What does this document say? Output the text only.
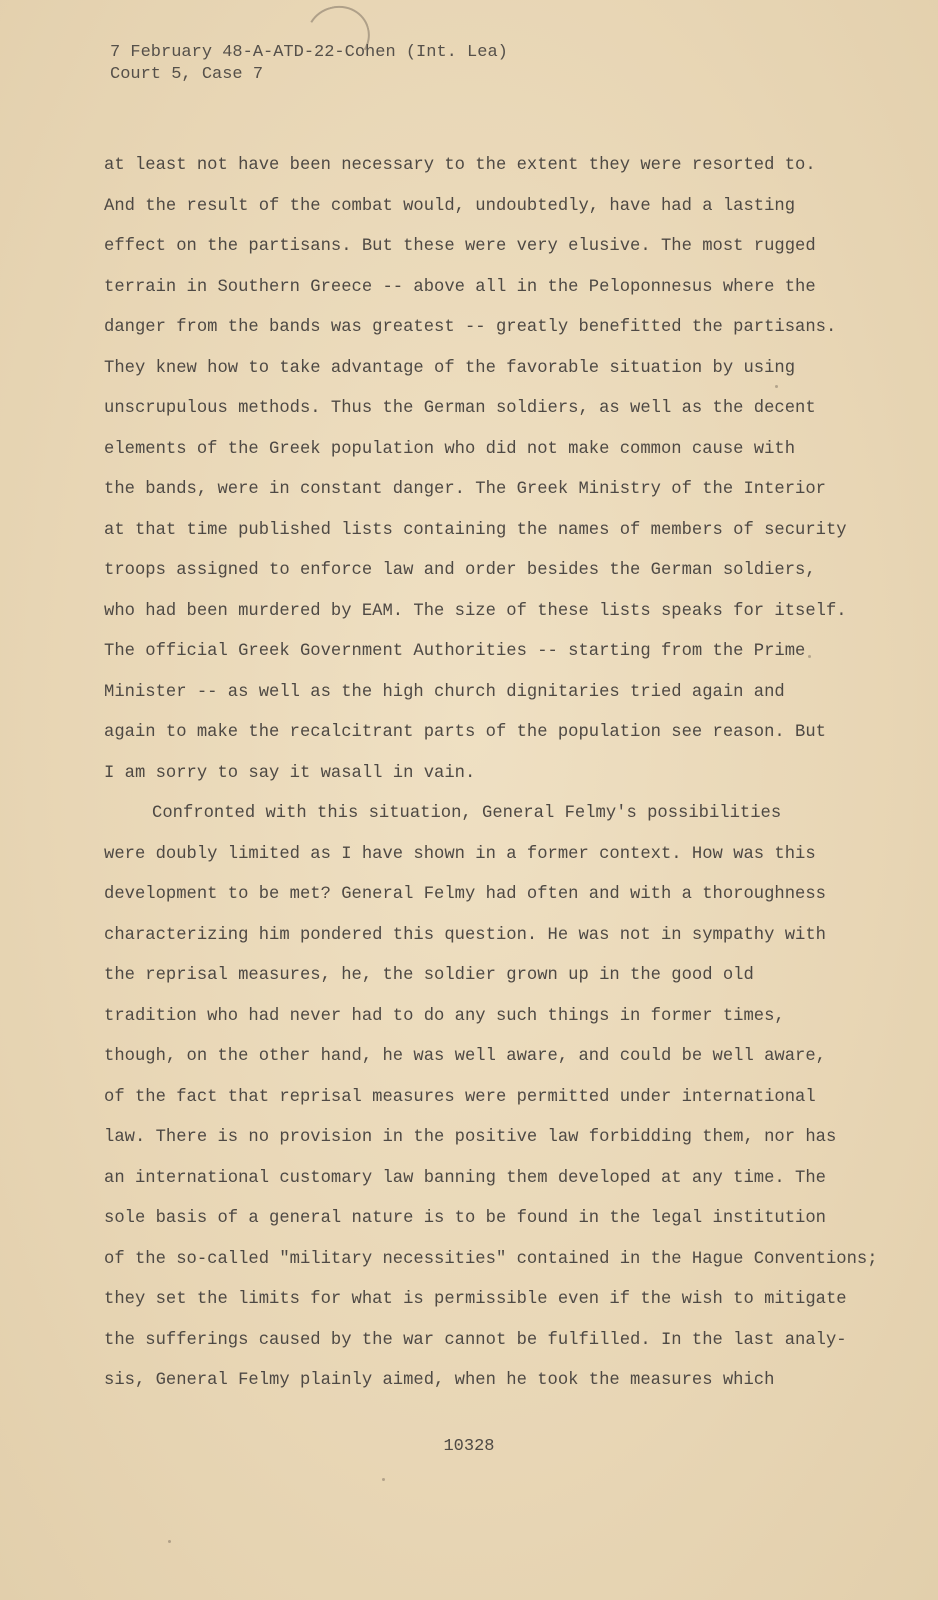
7 February 48-A-ATD-22-Cohen (Int. Lea)
Court 5, Case 7
at least not have been necessary to the extent they were resorted to.
And the result of the combat would, undoubtedly, have had a lasting
effect on the partisans. But these were very elusive. The most rugged
terrain in Southern Greece -- above all in the Peloponnesus where the
danger from the bands was greatest -- greatly benefitted the partisans.
They knew how to take advantage of the favorable situation by using
unscrupulous methods. Thus the German soldiers, as well as the decent
elements of the Greek population who did not make common cause with
the bands, were in constant danger. The Greek Ministry of the Interior
at that time published lists containing the names of members of security
troops assigned to enforce law and order besides the German soldiers,
who had been murdered by EAM. The size of these lists speaks for itself.
The official Greek Government Authorities -- starting from the Prime
Minister -- as well as the high church dignitaries tried again and
again to make the recalcitrant parts of the population see reason. But
I am sorry to say it wasall in vain.
Confronted with this situation, General Felmy's possibilities
were doubly limited as I have shown in a former context. How was this
development to be met? General Felmy had often and with a thoroughness
characterizing him pondered this question. He was not in sympathy with
the reprisal measures, he, the soldier grown up in the good old
tradition who had never had to do any such things in former times,
though, on the other hand, he was well aware, and could be well aware,
of the fact that reprisal measures were permitted under international
law. There is no provision in the positive law forbidding them, nor has
an international customary law banning them developed at any time. The
sole basis of a general nature is to be found in the legal institution
of the so-called "military necessities" contained in the Hague Conventions;
they set the limits for what is permissible even if the wish to mitigate
the sufferings caused by the war cannot be fulfilled. In the last analy-
sis, General Felmy plainly aimed, when he took the measures which
10328
